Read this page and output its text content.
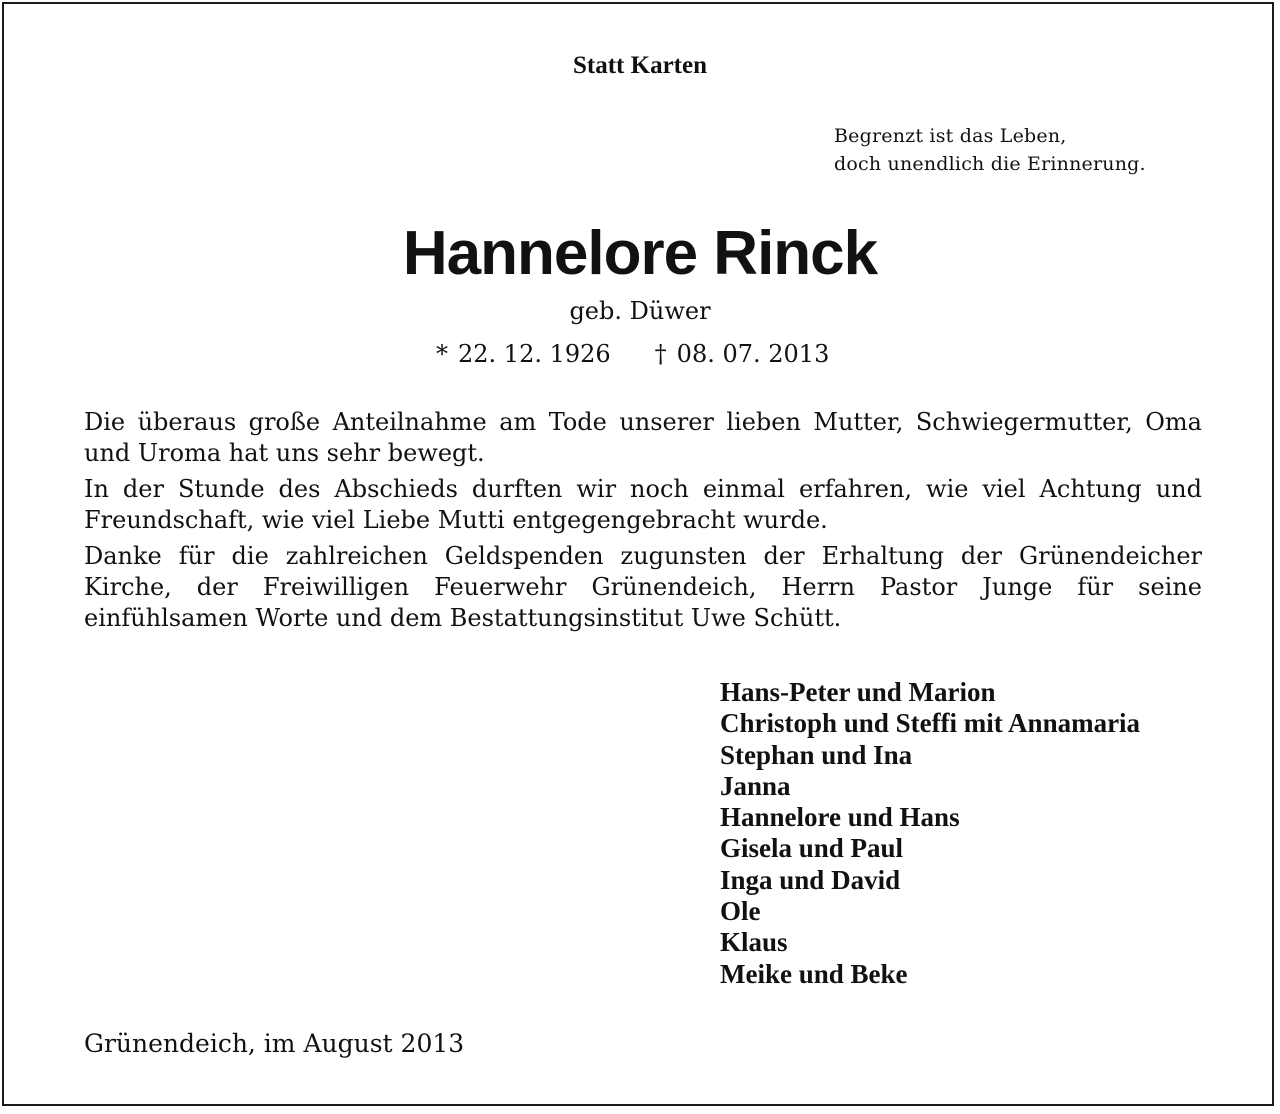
Statt Karten
Begrenzt ist das Leben,
doch unendlich die Erinnerung.
Hannelore Rinck
geb. Düwer
* 22. 12. 1926 † 08. 07. 2013

Die überaus große Anteilnahme am Tode unserer lieben Mutter, Schwiegermutter, Oma und Uroma hat uns sehr bewegt.

In der Stunde des Abschieds durften wir noch einmal erfahren, wie viel Achtung und Freundschaft, wie viel Liebe Mutti entgegengebracht wurde.

Danke für die zahlreichen Geldspenden zugunsten der Erhaltung der Grünendeicher Kirche, der Freiwilligen Feuerwehr Grünendeich, Herrn Pastor Junge für seine einfühlsamen Worte und dem Bestattungsinstitut Uwe Schütt.

Hans-Peter und Marion
Christoph und Steffi mit Annamaria
Stephan und Ina
Janna
Hannelore und Hans
Gisela und Paul
Inga und David
Ole
Klaus
Meike und Beke
Grünendeich, im August 2013
